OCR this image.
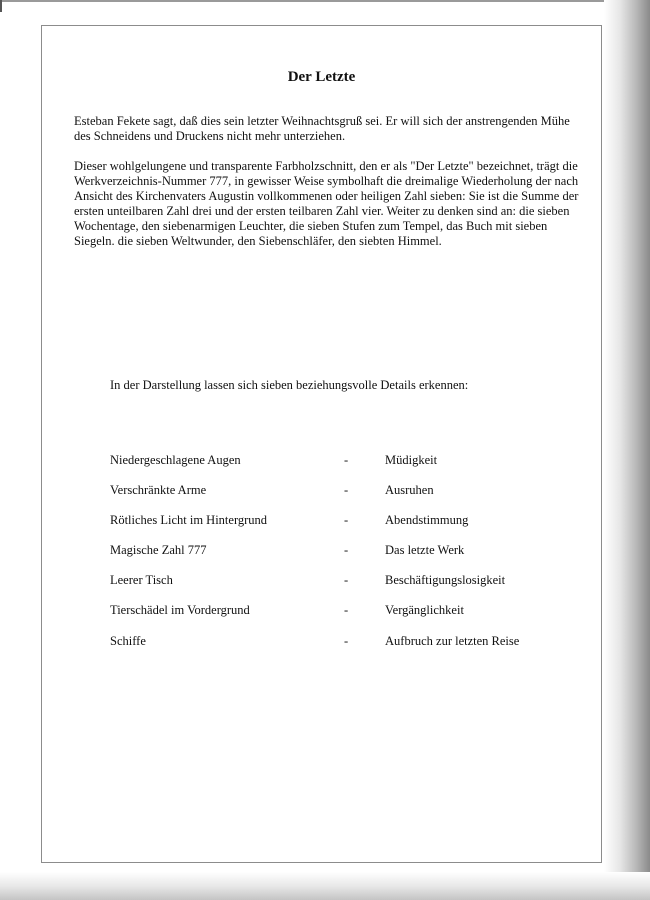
Der Letzte

Esteban Fekete sagt, daß dies sein letzter Weihnachtsgruß sei. Er will sich der anstrengenden Mühe des Schneidens und Druckens nicht mehr unterziehen.

Dieser wohlgelungene und transparente Farbholzschnitt, den er als "Der Letzte" bezeichnet, trägt die Werkverzeichnis-Nummer 777, in gewisser Weise symbolhaft die dreimalige Wiederholung der nach Ansicht des Kirchenvaters Augustin vollkommenen oder heiligen Zahl sieben: Sie ist die Summe der ersten unteilbaren Zahl drei und der ersten teilbaren Zahl vier. Weiter zu denken sind an: die sieben Wochentage, den siebenarmigen Leuchter, die sieben Stufen zum Tempel, das Buch mit sieben Siegeln. die sieben Weltwunder, den Siebenschläfer, den siebten Himmel.

In der Darstellung lassen sich sieben beziehungsvolle Details erkennen:
Niedergeschlagene Augen	-	Müdigkeit
Verschränkte Arme	-	Ausruhen
Rötliches Licht im Hintergrund	-	Abendstimmung
Magische Zahl 777	-	Das letzte Werk
Leerer Tisch	-	Beschäftigungslosigkeit
Tierschädel im Vordergrund	-	Vergänglichkeit
Schiffe	-	Aufbruch zur letzten Reise
